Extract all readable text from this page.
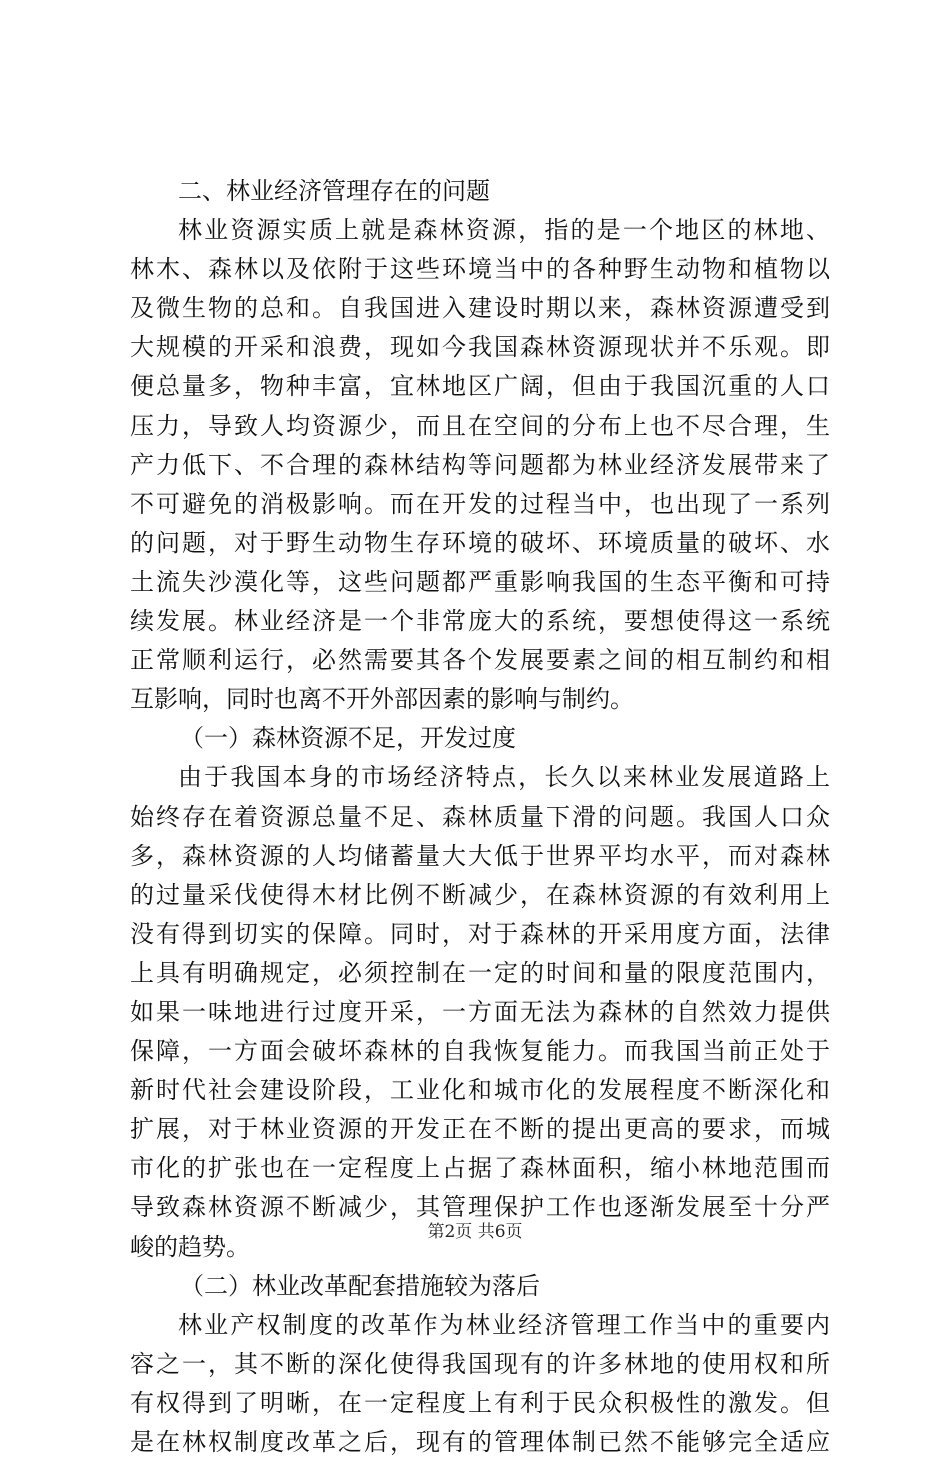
二、林业经济管理存在的问题
林业资源实质上就是森林资源，指的是一个地区的林地、
林木、森林以及依附于这些环境当中的各种野生动物和植物以
及微生物的总和。自我国进入建设时期以来，森林资源遭受到
大规模的开采和浪费，现如今我国森林资源现状并不乐观。即
便总量多，物种丰富，宜林地区广阔，但由于我国沉重的人口
压力，导致人均资源少，而且在空间的分布上也不尽合理，生
产力低下、不合理的森林结构等问题都为林业经济发展带来了
不可避免的消极影响。而在开发的过程当中，也出现了一系列
的问题，对于野生动物生存环境的破坏、环境质量的破坏、水
土流失沙漠化等，这些问题都严重影响我国的生态平衡和可持
续发展。林业经济是一个非常庞大的系统，要想使得这一系统
正常顺利运行，必然需要其各个发展要素之间的相互制约和相
互影响，同时也离不开外部因素的影响与制约。
（一）森林资源不足，开发过度
由于我国本身的市场经济特点，长久以来林业发展道路上
始终存在着资源总量不足、森林质量下滑的问题。我国人口众
多，森林资源的人均储蓄量大大低于世界平均水平，而对森林
的过量采伐使得木材比例不断减少，在森林资源的有效利用上
没有得到切实的保障。同时，对于森林的开采用度方面，法律
上具有明确规定，必须控制在一定的时间和量的限度范围内，
如果一味地进行过度开采，一方面无法为森林的自然效力提供
保障，一方面会破坏森林的自我恢复能力。而我国当前正处于
新时代社会建设阶段，工业化和城市化的发展程度不断深化和
扩展，对于林业资源的开发正在不断的提出更高的要求，而城
市化的扩张也在一定程度上占据了森林面积，缩小林地范围而
导致森林资源不断减少，其管理保护工作也逐渐发展至十分严
峻的趋势。
（二）林业改革配套措施较为落后
林业产权制度的改革作为林业经济管理工作当中的重要内
容之一，其不断的深化使得我国现有的许多林地的使用权和所
有权得到了明晰，在一定程度上有利于民众积极性的激发。但
是在林权制度改革之后，现有的管理体制已然不能够完全适应
第2页 共6页
